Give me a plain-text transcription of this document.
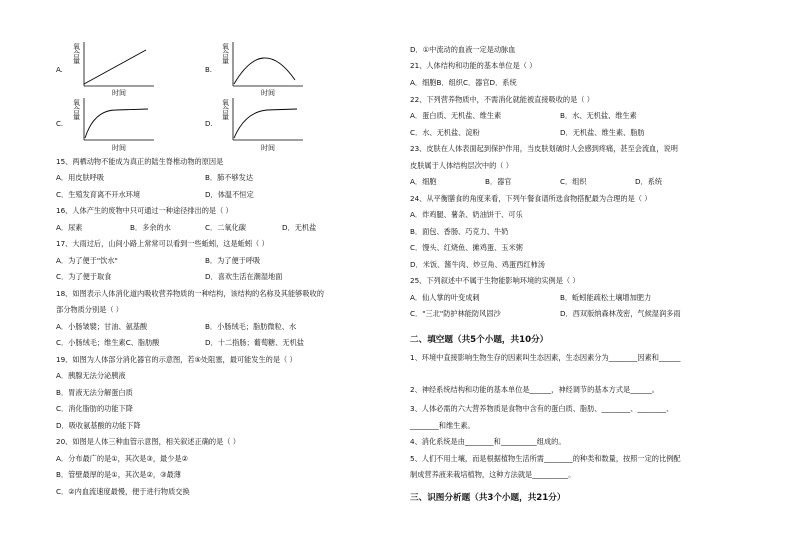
A.
氧
合
量
时间
B.
氧
合
量
时间
C.
氧
合
量
时间
D.
氧
合
量
时间
15、两栖动物不能成为真正的陆生脊椎动物的原因是
A．用皮肤呼吸	B．肺不够发达
C．生殖发育离不开水环境	D．体温不恒定
16、人体产生的废物中只可通过一种途径排出的是（ ）
A．尿素	B．多余的水	C．二氧化碳	D．无机盐
17、大雨过后，山间小路上常常可以看到一些蚯蚓，这是蚯蚓（ ）
A．为了便于"饮水"	B．为了便于呼吸
C．为了便于取食	D．喜欢生活在潮湿地面
18、如图表示人体消化道内吸收营养物质的一种结构，该结构的名称及其能够吸收的
部分物质分别是（ ）
A．小肠皱襞；甘油、氨基酸	B．小肠绒毛；脂肪微粒、水
C．小肠绒毛；维生素C、脂肪酸	D．十二指肠；葡萄糖、无机盐
19、如图为人体部分消化器官的示意图，若⑤处阻塞，最可能发生的是（ ）
A．胰腺无法分泌胰液
B．胃液无法分解蛋白质
C．消化脂肪的功能下降
D．吸收氨基酸的功能下降
20、如图是人体三种血管示意图，相关叙述正确的是（ ）
A．分布最广的是①，其次是③，最少是②
B．管壁最厚的是①，其次是②，③最薄
C．②内血流速度最慢，便于进行物质交换
D．①中流动的血液一定是动脉血
21、人体结构和功能的基本单位是（ ）
A．细胞B．组织C．器官D．系统
22、下列营养物质中，不需消化就能被直接吸收的是（ ）
A．蛋白质、无机盐、维生素	B．水、无机盐、维生素
C．水、无机盐、淀粉	D．无机盐、维生素、脂肪
23、皮肤在人体表面起到保护作用，当皮肤划破时人会感到疼痛，甚至会流血，说明
皮肤属于人体结构层次中的（ ）
A．细胞	B．器官	C．组织	D．系统
24、从平衡膳食的角度来看，下列午餐食谱所选食物搭配最为合理的是（ ）
A．炸鸡腿、薯条、奶油饼干、可乐
B．面包、香肠、巧克力、牛奶
C．馒头、红烧鱼、摊鸡蛋、玉米粥
D．米饭、酱牛肉、炒豆角、鸡蛋西红柿汤
25、下列叙述中不属于生物能影响环境的实例是（ ）
A．仙人掌的叶变成刺	B．蚯蚓能疏松土壤增加肥力
C．"三北"防护林能防风固沙	D．西双版纳森林茂密，气候湿润多雨
二、填空题（共5个小题，共10分）
1、环境中直接影响生物生存的因素叫生态因素，生态因素分为________因素和______
2、神经系统结构和功能的基本单位是______，神经调节的基本方式是______。
3、人体必需的六大营养物质是食物中含有的蛋白质、脂肪、________、________、
________和维生素。
4、消化系统是由________和__________组成的。
5、人们不用土壤，而是根据植物生活所需________的种类和数量，按照一定的比例配
制成营养液来栽培植物，这种方法就是__________。
三、识图分析题（共3个小题，共21分）
